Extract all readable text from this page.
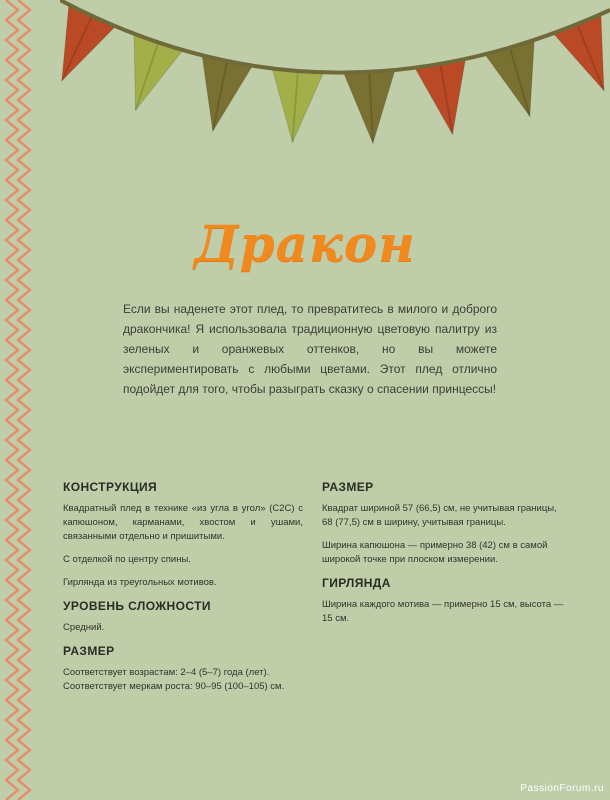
Дракон

Если вы наденете этот плед, то превратитесь в милого и доброго дракончика! Я использовала традиционную цветовую палитру из зеленых и оранжевых оттенков, но вы можете экспериментировать с любыми цветами. Этот плед отлично подойдет для того, чтобы разыграть сказку о спасении принцессы!

КОНСТРУКЦИЯ

Квадратный плед в технике «из угла в угол» (C2C) с капюшоном, карманами, хвостом и ушами, связанными отдельно и пришитыми.

С отделкой по центру спины.

Гирлянда из треугольных мотивов.

УРОВЕНЬ СЛОЖНОСТИ

Средний.

РАЗМЕР

Соответствует возрастам: 2–4 (5–7) года (лет). Соответствует меркам роста: 90–95 (100–105) см.

РАЗМЕР

Квадрат шириной 57 (66,5) см, не учитывая границы, 68 (77,5) см в ширину, учитывая границы.

Ширина капюшона — примерно 38 (42) см в самой широкой точке при плоском измерении.

ГИРЛЯНДА

Ширина каждого мотива — примерно 15 см, высота — 15 см.

PassionForum.ru
